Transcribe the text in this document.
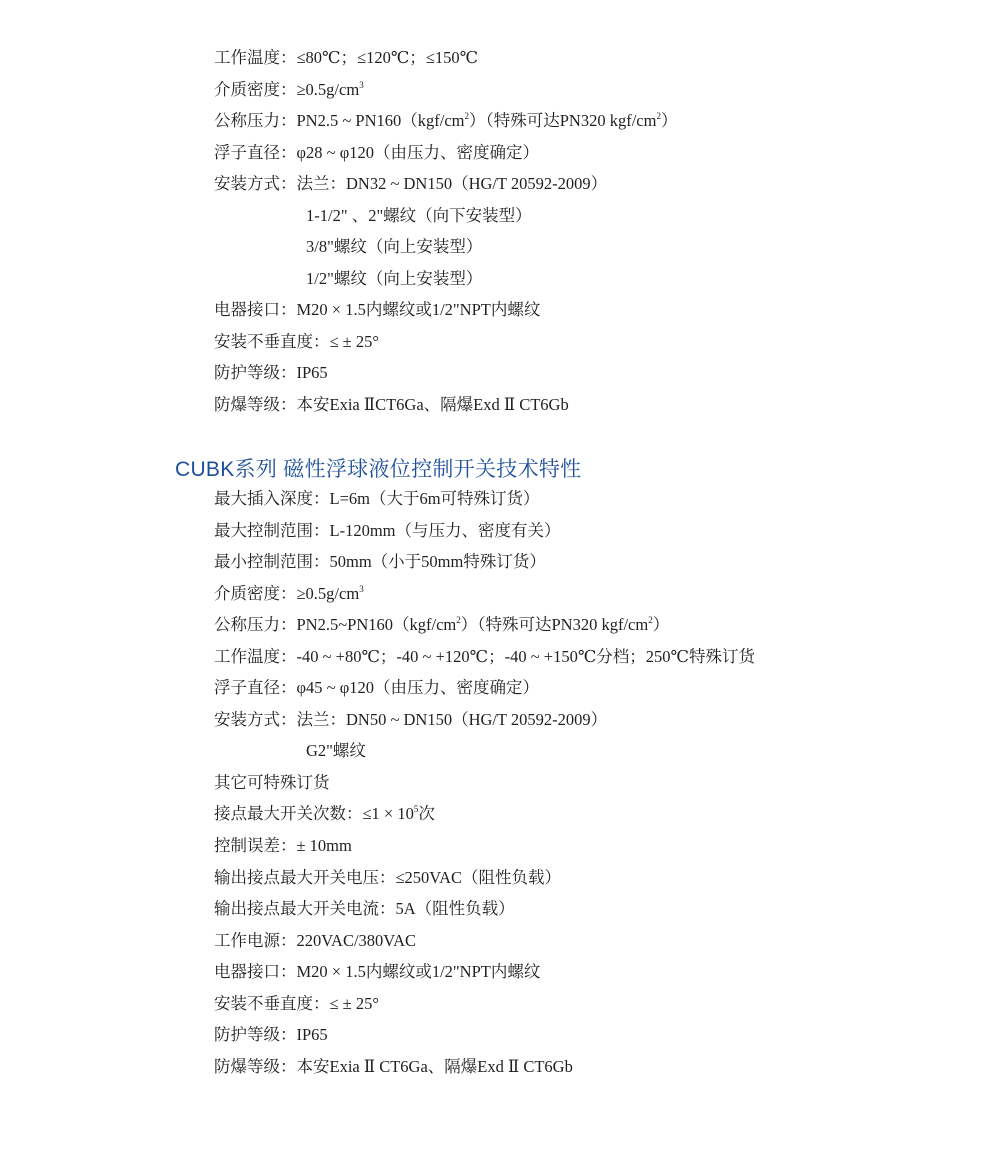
工作温度：≤80℃；≤120℃；≤150℃
介质密度：$\ge 0.5g/cm^3$
公称压力：PN2.5 ~ $PN160(kgf/cm^2)$（特殊可达PN320 kgf/$cm^2$）
浮子直径：φ28 ~ φ120（由压力、密度确定）
安装方式：法兰：DN32 ~ DN150（HG/T 20592-2009）
1-1/2" 、2"螺纹（向下安装型）
3/8"螺纹（向上安装型）
1/2"螺纹（向上安装型）
电器接口：M20 × 1.5内螺纹或1/2"NPT内螺纹
安装不垂直度：≤ ± 25°
防护等级：IP65
防爆等级：本安Exia ⅡCT6Ga、隔爆Exd Ⅱ CT6Gb
CUBK系列 磁性浮球液位控制开关技术特性
最大插入深度：L=6m（大于6m可特殊订货）
最大控制范围：L-120mm（与压力、密度有关）
最小控制范围：50mm（小于50mm特殊订货）
介质密度：$\ge 0.5g/cm^3$
公称压力：$PN2.5\sim PN160(kgf/cm^2)$（特殊可达PN320 kgf/$cm^2$）
工作温度：-40 ~ +80℃；-40 ~ +120℃；-40 ~ +150℃分档；250℃特殊订货
浮子直径：φ45 ~ φ120（由压力、密度确定）
安装方式：法兰：DN50 ~ DN150（HG/T 20592-2009）
G2"螺纹
其它可特殊订货
接点最大开关次数：$\le 1 \times 10^5$次
控制误差：± 10mm
输出接点最大开关电压：≤250VAC（阻性负载）
输出接点最大开关电流：5A（阻性负载）
工作电源：220VAC/380VAC
电器接口：M20 × 1.5内螺纹或1/2"NPT内螺纹
安装不垂直度：≤ ± 25°
防护等级：IP65
防爆等级：本安Exia Ⅱ CT6Ga、隔爆Exd Ⅱ CT6Gb
